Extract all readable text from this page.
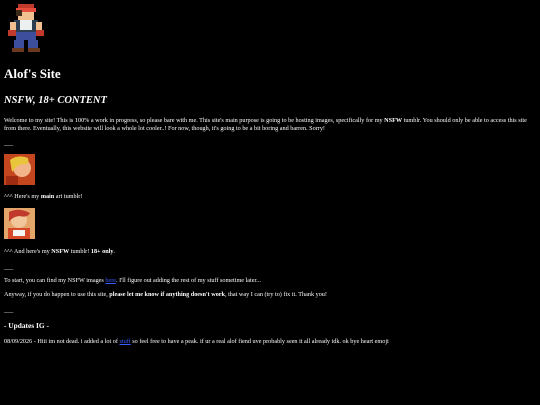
Alof's Site
NSFW, 18+ CONTENT

Welcome to my site! This is 100% a work in progress, so please bare with me. This site's main purpose is going to be hosting images, specifically for my NSFW tumblr. You should only be able to access this site from there. Eventually, this website will look a whole lot cooler..! For now, though, it's going to be a bit boring and barren. Sorry!

___
^^^ Here's my main art tumblr!
^^^ And here's my NSFW tumblr! 18+ only.
___
To start, you can find my NSFW images here. I'll figure out adding the rest of my stuff sometime later...
Anyway, if you do happen to use this site, please let me know if anything doesn't work, that way I can (try to) fix it. Thank you!
___
- Updates IG -
08/09/2026 - Hiii im not dead. i added a lot of stuff so feel free to have a peak. if ur a real alof fiend uve probably seen it all already idk. ok bye heart emoji
